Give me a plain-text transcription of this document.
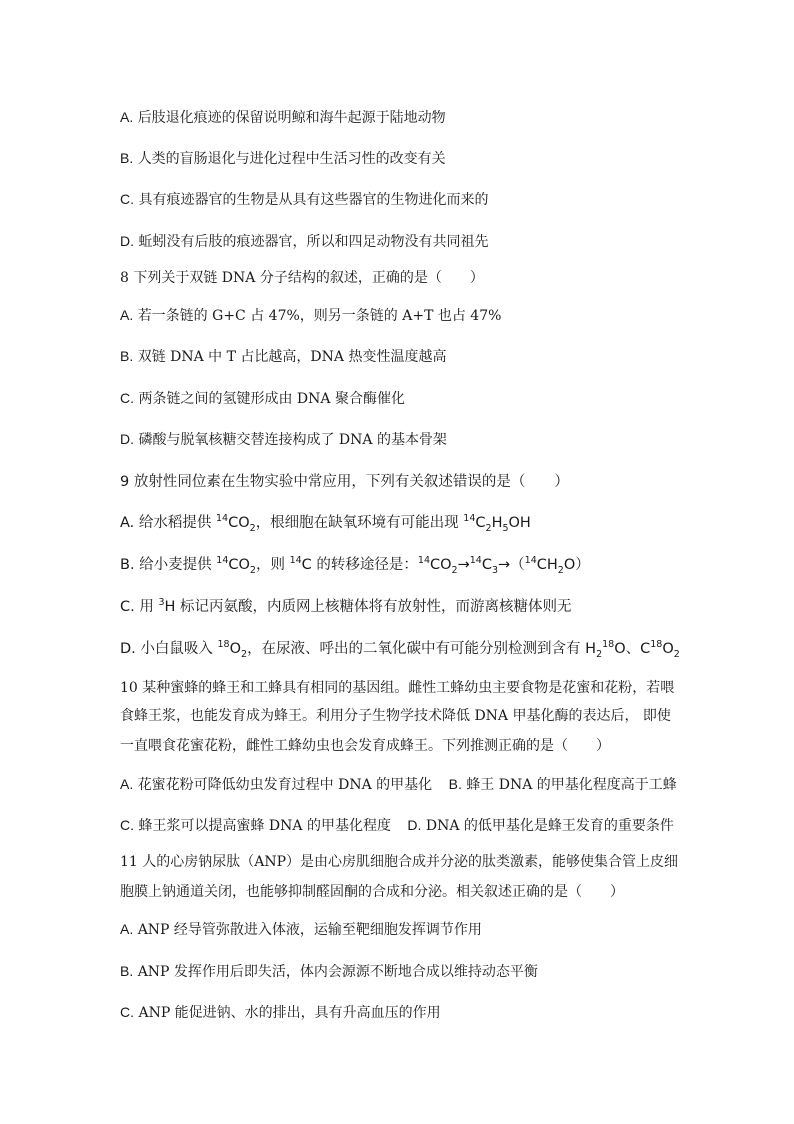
A. 后肢退化痕迹的保留说明鲸和海牛起源于陆地动物
B. 人类的盲肠退化与进化过程中生活习性的改变有关
C. 具有痕迹器官的生物是从具有这些器官的生物进化而来的
D. 蚯蚓没有后肢的痕迹器官，所以和四足动物没有共同祖先
8 下列关于双链 DNA 分子结构的叙述，正确的是（　　）
A. 若一条链的 G+C 占 47%，则另一条链的 A+T 也占 47%
B. 双链 DNA 中 T 占比越高，DNA 热变性温度越高
C. 两条链之间的氢键形成由 DNA 聚合酶催化
D. 磷酸与脱氧核糖交替连接构成了 DNA 的基本骨架
9 放射性同位素在生物实验中常应用，下列有关叙述错误的是（　　）
A. 给水稻提供 $^{14}CO_2$，根细胞在缺氧环境有可能出现 $^{14}C_2H_5OH$
B. 给小麦提供 $^{14}CO_2$，则 $^{14}$C 的转移途径是：$^{14}CO_2\to^{14}C_3\to(^{14}CH_2O)$
C. 用 $^3$H 标记丙氨酸，内质网上核糖体将有放射性，而游离核糖体则无
D. 小白鼠吸入 $^{18}O_2$，在尿液、呼出的二氧化碳中有可能分别检测到含有 $H_2^{18}O$、$C^{18}O_2$
10 某种蜜蜂的蜂王和工蜂具有相同的基因组。雌性工蜂幼虫主要食物是花蜜和花粉，若喂
食蜂王浆，也能发育成为蜂王。利用分子生物学技术降低 DNA 甲基化酶的表达后， 即使
一直喂食花蜜花粉，雌性工蜂幼虫也会发育成蜂王。下列推测正确的是（　　）
A. 花蜜花粉可降低幼虫发育过程中 DNA 的甲基化 B. 蜂王 DNA 的甲基化程度高于工蜂
C. 蜂王浆可以提高蜜蜂 DNA 的甲基化程度 D. DNA 的低甲基化是蜂王发育的重要条件
11 人的心房钠尿肽（ANP）是由心房肌细胞合成并分泌的肽类激素，能够使集合管上皮细
胞膜上钠通道关闭，也能够抑制醛固酮的合成和分泌。相关叙述正确的是（　　）
A. ANP 经导管弥散进入体液，运输至靶细胞发挥调节作用
B. ANP 发挥作用后即失活，体内会源源不断地合成以维持动态平衡
C. ANP 能促进钠、水的排出，具有升高血压的作用
